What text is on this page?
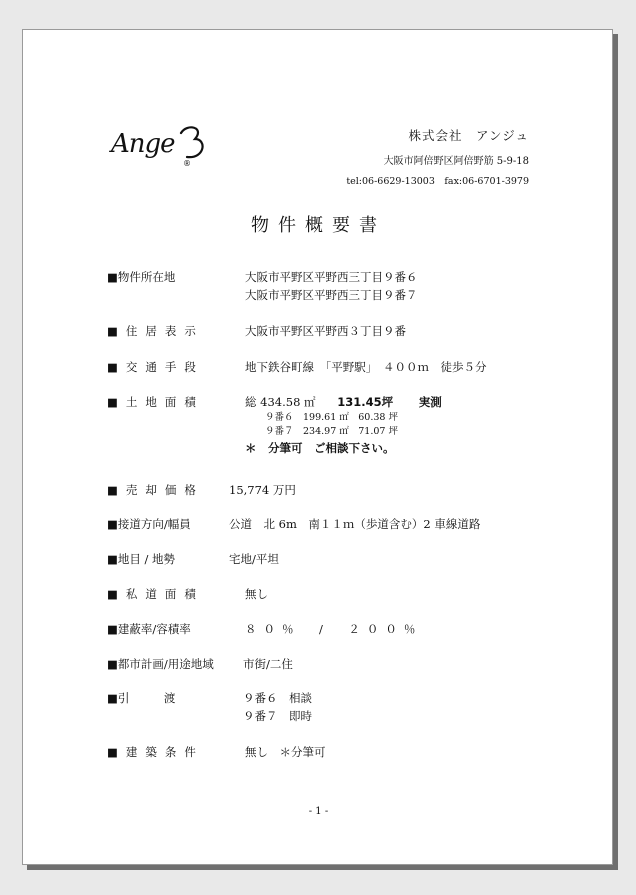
Ange
®
株式会社　アンジュ
大阪市阿倍野区阿倍野筋 5-9-18
tel:06-6629-13003　fax:06-6701-3979
物件概要書
■物件所在地	大阪市平野区平野西三丁目９番６
大阪市平野区平野西三丁目９番７
■住居表示	大阪市平野区平野西３丁目９番
■交通手段	地下鉄谷町線　「平野駅」　４００ｍ　徒歩５分
■土地面積	総 434.58 ㎡ 131.45坪 実測
９番６　199.61 ㎡　60.38 坪
９番７　234.97 ㎡　71.07 坪
＊　分筆可　ご相談下さい。
■売却価格 15,774 万円
■接道方向/幅員	公道　北 6m　南１１ｍ（歩道含む）2 車線道路
■地目 / 地勢	宅地/平坦
■私道面積	無し
■建蔽率/容積率	８０％　/　２００％
■都市計画/用途地域	市街/二住
■引　　　渡	９番６　相談
９番７　即時
■建築条件	無し　＊分筆可
- 1 -
